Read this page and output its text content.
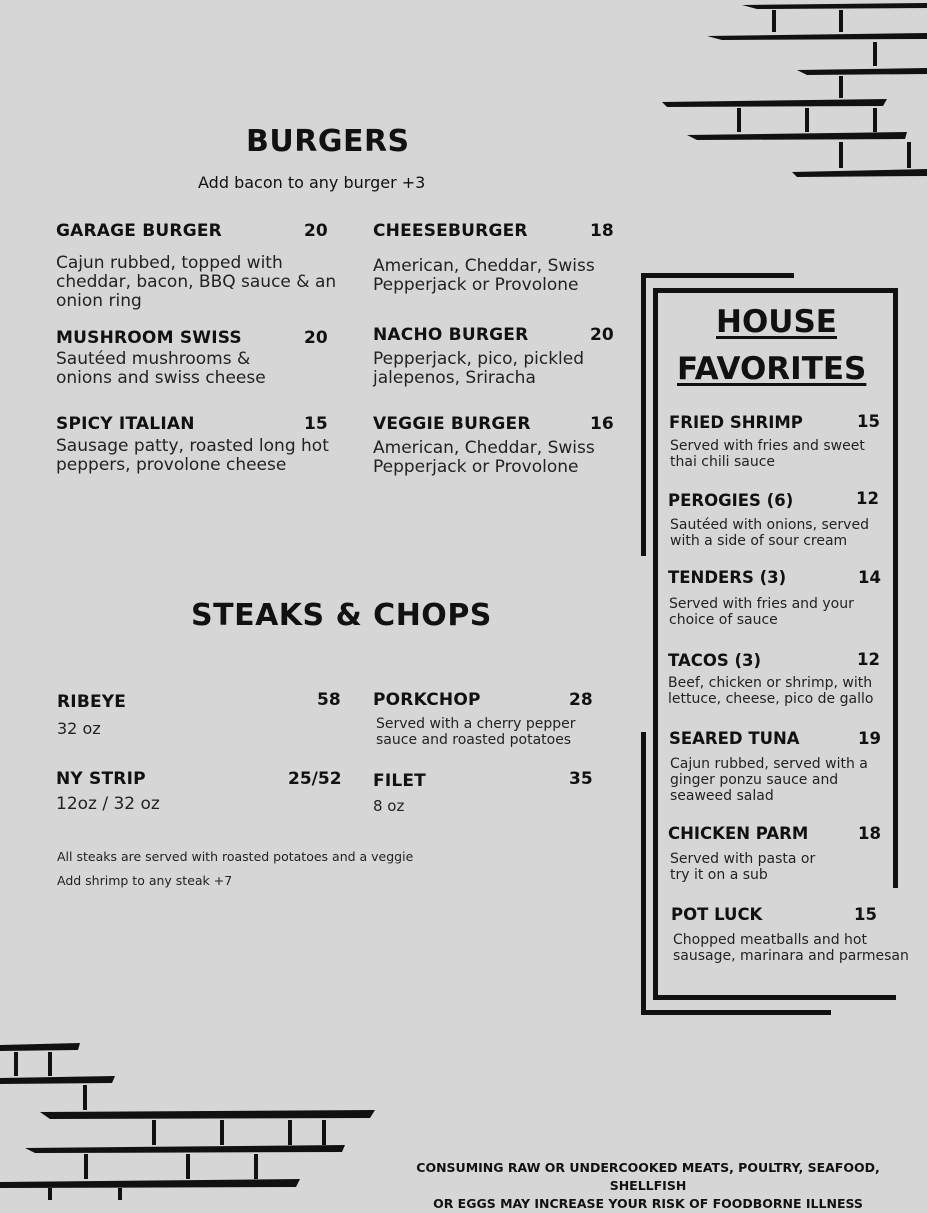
BURGERS
Add bacon to any burger +3
GARAGE BURGER	20
Cajun rubbed, topped with
cheddar, bacon, BBQ sauce & an
onion ring
CHEESEBURGER	18
American, Cheddar, Swiss
Pepperjack or Provolone
MUSHROOM SWISS	20
Sautéed mushrooms &
onions and swiss cheese
NACHO BURGER	20
Pepperjack, pico, pickled
jalepenos, Sriracha
SPICY ITALIAN	15
Sausage patty, roasted long hot
peppers, provolone cheese
VEGGIE BURGER	16
American, Cheddar, Swiss
Pepperjack or Provolone
STEAKS & CHOPS
RIBEYE	58
32 oz
PORKCHOP	28
Served with a cherry pepper
sauce and roasted potatoes
NY STRIP	25/52
12oz / 32 oz
FILET	35
8 oz
All steaks are served with roasted potatoes and a veggie
Add shrimp to any steak +7
HOUSE
FAVORITES
FRIED SHRIMP	15
Served with fries and sweet
thai chili sauce
PEROGIES (6)	12
Sautéed with onions, served
with a side of sour cream
TENDERS (3)	14
Served with fries and your
choice of sauce
TACOS (3)	12
Beef, chicken or shrimp, with
lettuce, cheese, pico de gallo
SEARED TUNA	19
Cajun rubbed, served with a
ginger ponzu sauce and
seaweed salad
CHICKEN PARM	18
Served with pasta or
try it on a sub
POT LUCK	15
Chopped meatballs and hot
sausage, marinara and parmesan
CONSUMING RAW OR UNDERCOOKED MEATS, POULTRY, SEAFOOD, SHELLFISH
OR EGGS MAY INCREASE YOUR RISK OF FOODBORNE ILLNESS
